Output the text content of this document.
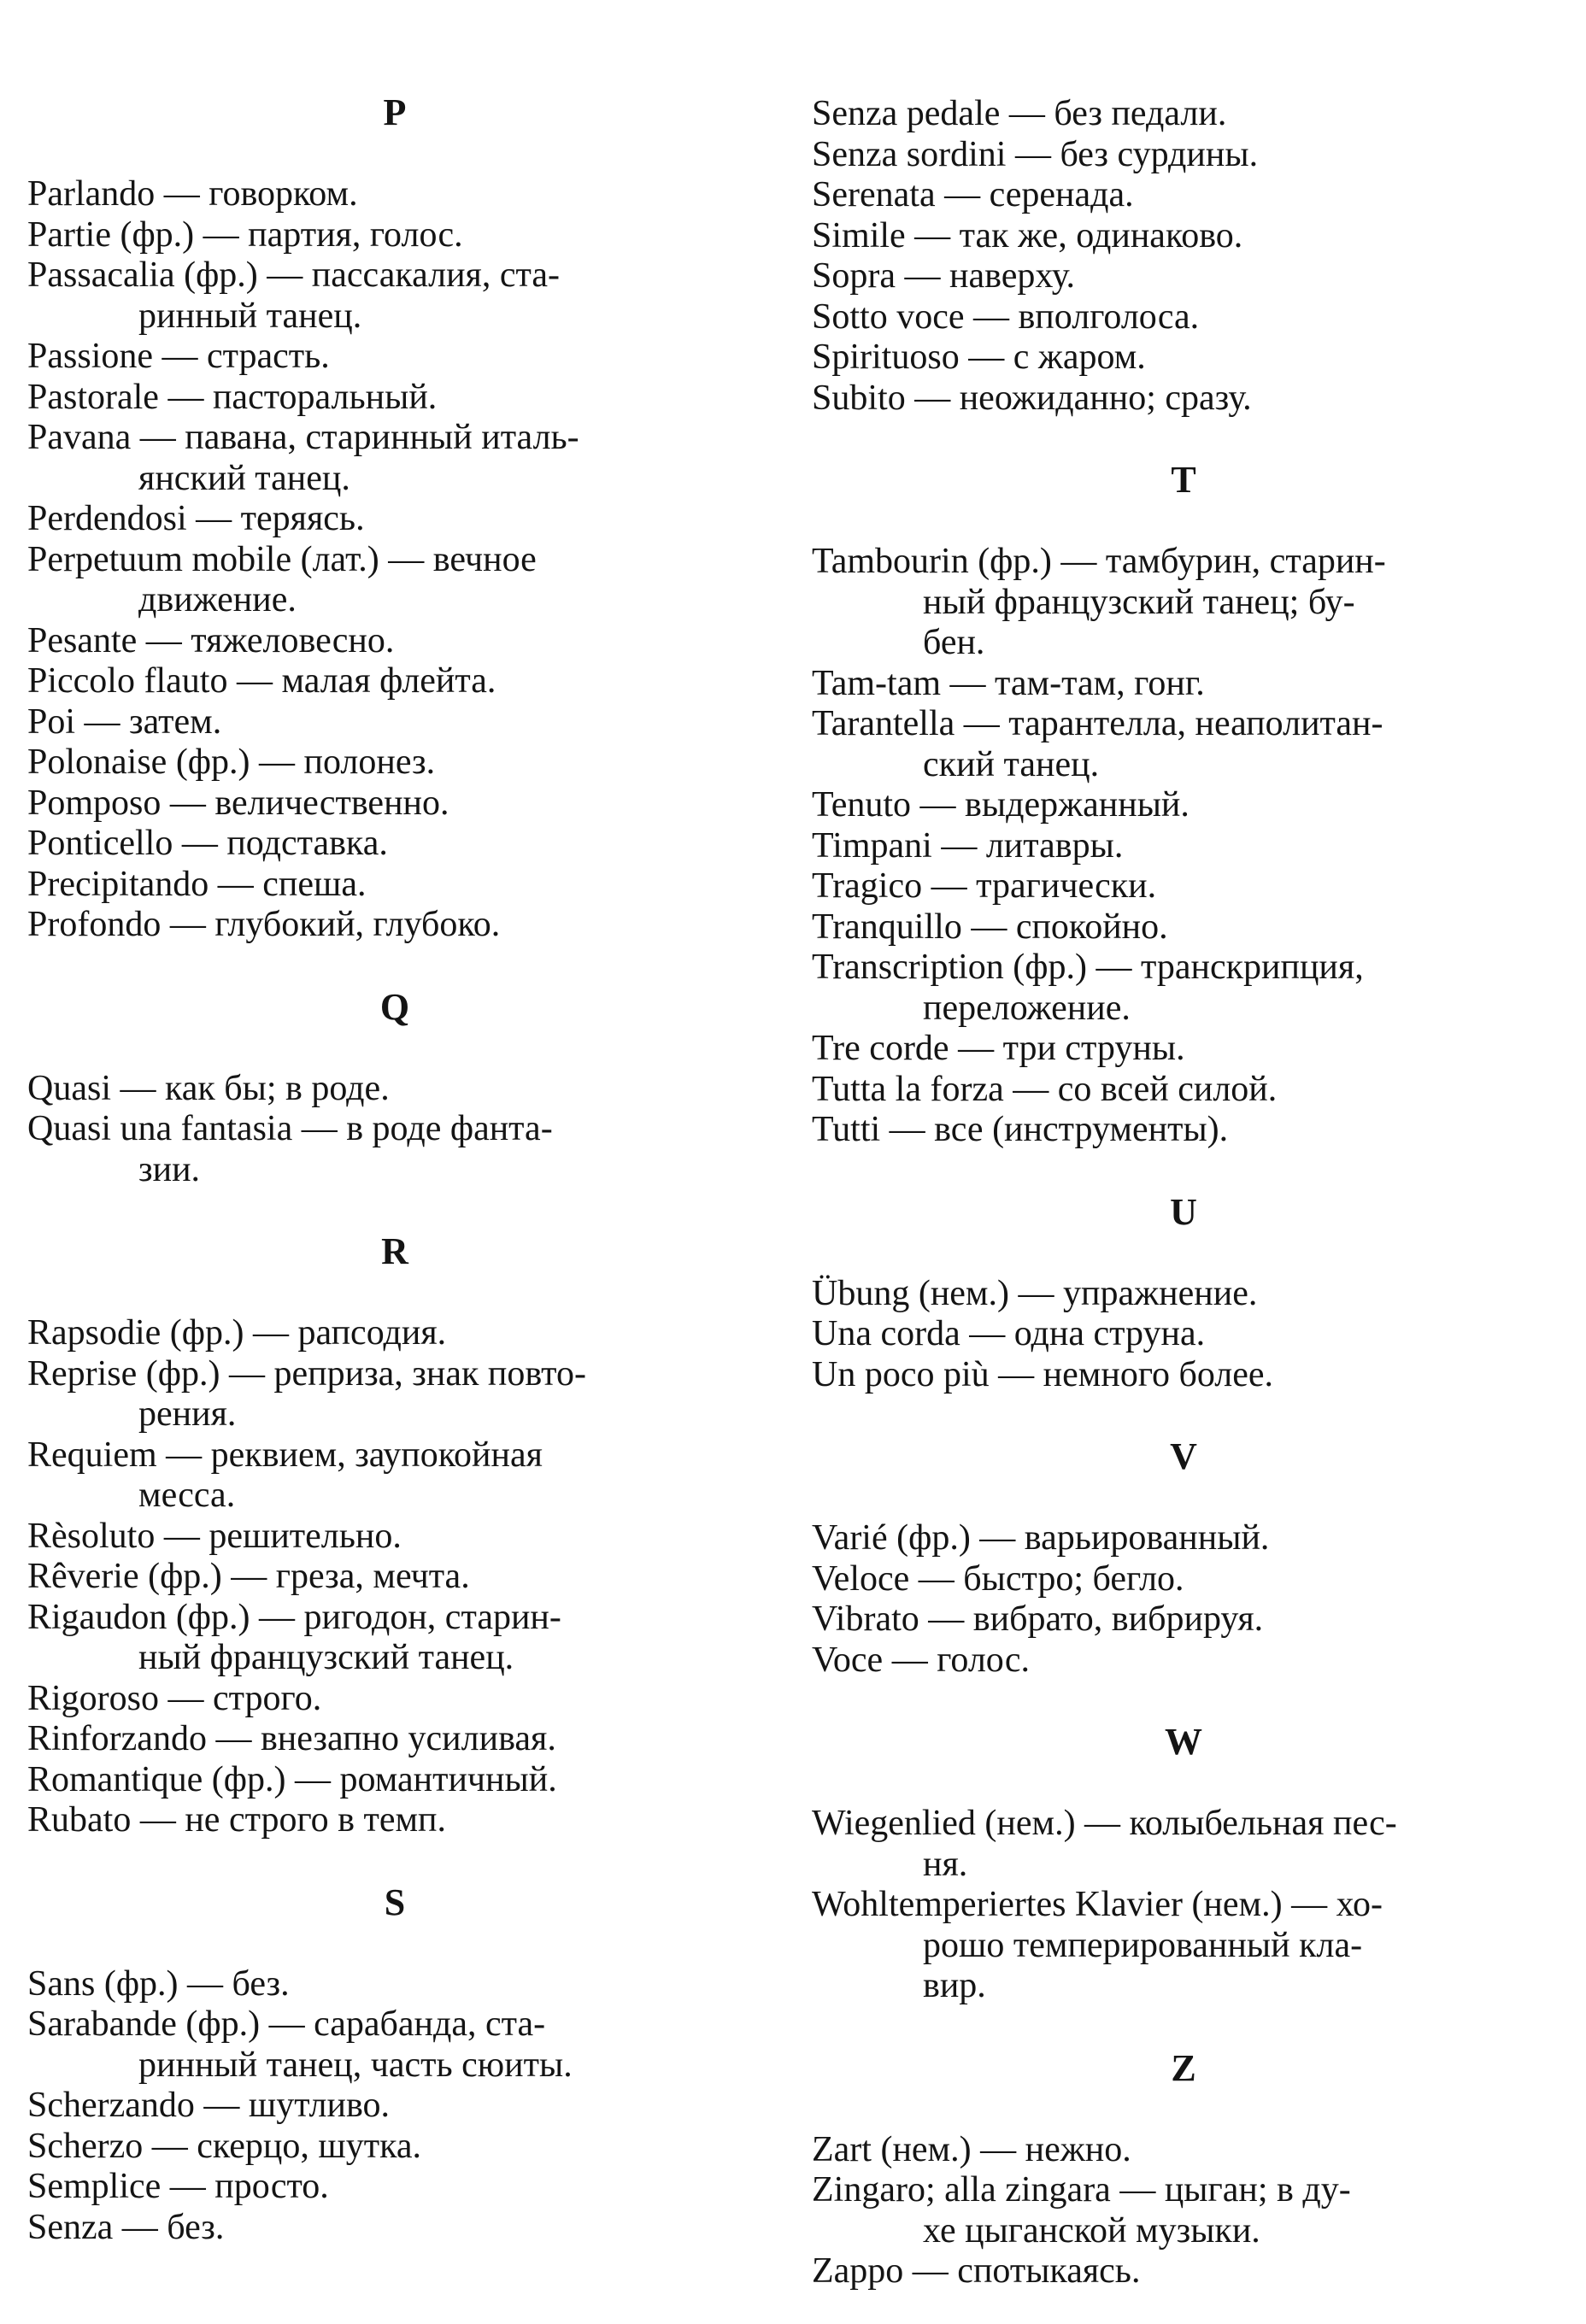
P
Parlando — говорком.
Partie (фр.) — партия, голос.
Passacalia (фр.) — пассакалия, ста-
ринный танец.
Passione — страсть.
Pastorale — пасторальный.
Pavana — павана, старинный италь-
янский танец.
Perdendosi — теряясь.
Perpetuum mobile (лат.) — вечное
движение.
Pesante — тяжеловесно.
Piccolo flauto — малая флейта.
Poi — затем.
Polonaise (фр.) — полонез.
Pomposo — величественно.
Ponticello — подставка.
Precipitando — спеша.
Profondo — глубокий, глубоко.
Q
Quasi — как бы; в роде.
Quasi una fantasia — в роде фанта-
зии.
R
Rapsodie (фр.) — рапсодия.
Reprise (фр.) — реприза, знак повто-
рения.
Requiem — реквием, заупокойная
месса.
Rèsoluto — решительно.
Rêverie (фр.) — греза, мечта.
Rigaudon (фр.) — ригодон, старин-
ный французский танец.
Rigoroso — строго.
Rinforzando — внезапно усиливая.
Romantique (фр.) — романтичный.
Rubato — не строго в темп.
S
Sans (фр.) — без.
Sarabande (фр.) — сарабанда, ста-
ринный танец, часть сюиты.
Scherzando — шутливо.
Scherzo — скерцо, шутка.
Semplice — просто.
Senza — без.
Senza pedale — без педали.
Senza sordini — без сурдины.
Serenata — серенада.
Simile — так же, одинаково.
Sopra — наверху.
Sotto voce — вполголоса.
Spirituoso — с жаром.
Subito — неожиданно; сразу.
T
Tambourin (фр.) — тамбурин, старин-
ный французский танец; бу-
бен.
Tam-tam — там-там, гонг.
Tarantella — тарантелла, неаполитан-
ский танец.
Tenuto — выдержанный.
Timpani — литавры.
Tragico — трагически.
Tranquillo — спокойно.
Transcription (фр.) — транскрипция,
переложение.
Tre corde — три струны.
Tutta la forza — со всей силой.
Tutti — все (инструменты).
U
Übung (нем.) — упражнение.
Una corda — одна струна.
Un poco più — немного более.
V
Varié (фр.) — варьированный.
Veloce — быстро; бегло.
Vibrato — вибрато, вибрируя.
Voce — голос.
W
Wiegenlied (нем.) — колыбельная пес-
ня.
Wohltemperiertes Klavier (нем.) — хо-
рошо темперированный кла-
вир.
Z
Zart (нем.) — нежно.
Zingaro; alla zingara — цыган; в ду-
хе цыганской музыки.
Zappo — спотыкаясь.
